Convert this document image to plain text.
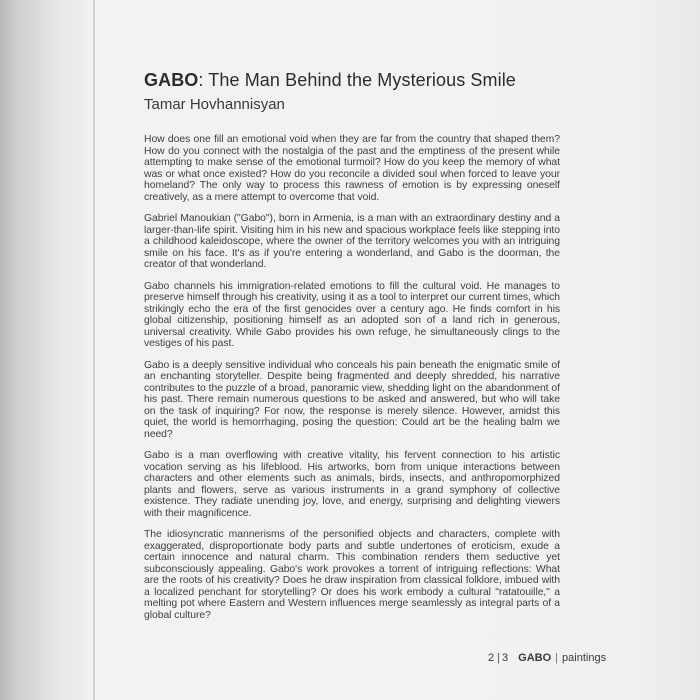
GABO: The Man Behind the Mysterious Smile
Tamar Hovhannisyan

How does one fill an emotional void when they are far from the country that shaped them? How do you connect with the nostalgia of the past and the emptiness of the present while attempting to make sense of the emotional turmoil? How do you keep the memory of what was or what once existed? How do you reconcile a divided soul when forced to leave your homeland? The only way to process this rawness of emotion is by expressing oneself creatively, as a mere attempt to overcome that void.

Gabriel Manoukian ("Gabo"), born in Armenia, is a man with an extraordinary destiny and a larger-than-life spirit. Visiting him in his new and spacious workplace feels like stepping into a childhood kaleidoscope, where the owner of the territory welcomes you with an intriguing smile on his face. It's as if you're entering a wonderland, and Gabo is the doorman, the creator of that wonderland.

Gabo channels his immigration-related emotions to fill the cultural void. He manages to preserve himself through his creativity, using it as a tool to interpret our current times, which strikingly echo the era of the first genocides over a century ago. He finds comfort in his global citizenship, positioning himself as an adopted son of a land rich in generous, universal creativity. While Gabo provides his own refuge, he simultaneously clings to the vestiges of his past.

Gabo is a deeply sensitive individual who conceals his pain beneath the enigmatic smile of an enchanting storyteller. Despite being fragmented and deeply shredded, his narrative contributes to the puzzle of a broad, panoramic view, shedding light on the abandonment of his past. There remain numerous questions to be asked and answered, but who will take on the task of inquiring? For now, the response is merely silence. However, amidst this quiet, the world is hemorrhaging, posing the question: Could art be the healing balm we need?

Gabo is a man overflowing with creative vitality, his fervent connection to his artistic vocation serving as his lifeblood. His artworks, born from unique interactions between characters and other elements such as animals, birds, insects, and anthropomorphized plants and flowers, serve as various instruments in a grand symphony of collective existence. They radiate unending joy, love, and energy, surprising and delighting viewers with their magnificence.

The idiosyncratic mannerisms of the personified objects and characters, complete with exaggerated, disproportionate body parts and subtle undertones of eroticism, exude a certain innocence and natural charm. This combination renders them seductive yet subconsciously appealing. Gabo's work provokes a torrent of intriguing reflections: What are the roots of his creativity? Does he draw inspiration from classical folklore, imbued with a localized penchant for storytelling? Or does his work embody a cultural "ratatouille," a melting pot where Eastern and Western influences merge seamlessly as integral parts of a global culture?

2 | 3 GABO | paintings
